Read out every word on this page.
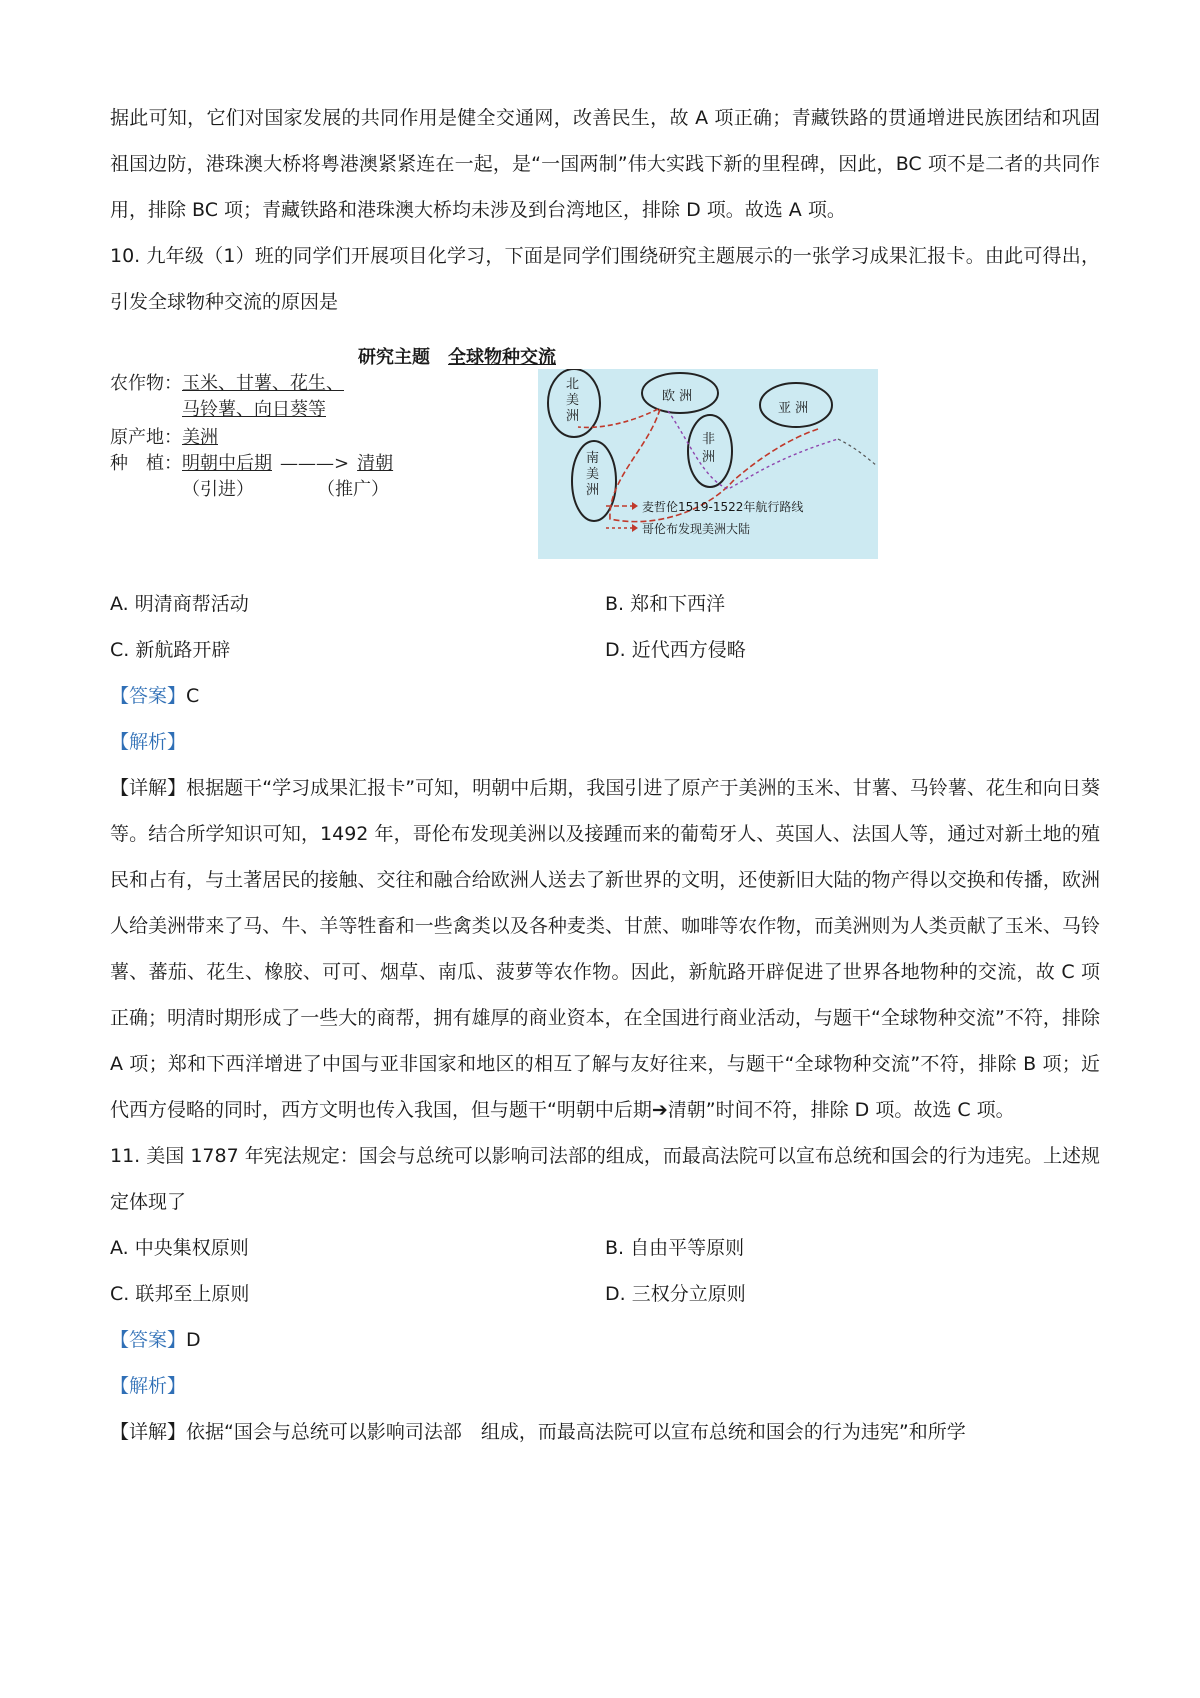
据此可知，它们对国家发展的共同作用是健全交通网，改善民生，故 A 项正确；青藏铁路的贯通增进民族团结和巩固祖国边防，港珠澳大桥将粤港澳紧紧连在一起，是“一国两制”伟大实践下新的里程碑，因此，BC 项不是二者的共同作用，排除 BC 项；青藏铁路和港珠澳大桥均未涉及到台湾地区，排除 D 项。故选 A 项。

10. 九年级（1）班的同学们开展项目化学习，下面是同学们围绕研究主题展示的一张学习成果汇报卡。由此可得出，引发全球物种交流的原因是

研究主题 全球物种交流
农作物：玉米、甘薯、花生、
马铃薯、向日葵等
原产地：美洲
种　植：明朝中后期 ———> 清朝
（引进）	（推广）
北美洲
南美洲
欧 洲
亚 洲
非洲
麦哲伦1519-1522年航行路线
哥伦布发现美洲大陆
A. 明清商帮活动	B. 郑和下西洋
C. 新航路开辟	D. 近代西方侵略

【答案】C

【解析】

【详解】根据题干“学习成果汇报卡”可知，明朝中后期，我国引进了原产于美洲的玉米、甘薯、马铃薯、花生和向日葵等。结合所学知识可知，1492 年，哥伦布发现美洲以及接踵而来的葡萄牙人、英国人、法国人等，通过对新土地的殖民和占有，与土著居民的接触、交往和融合给欧洲人送去了新世界的文明，还使新旧大陆的物产得以交换和传播，欧洲人给美洲带来了马、牛、羊等牲畜和一些禽类以及各种麦类、甘蔗、咖啡等农作物，而美洲则为人类贡献了玉米、马铃薯、蕃茄、花生、橡胶、可可、烟草、南瓜、菠萝等农作物。因此，新航路开辟促进了世界各地物种的交流，故 C 项正确；明清时期形成了一些大的商帮，拥有雄厚的商业资本，在全国进行商业活动，与题干“全球物种交流”不符，排除 A 项；郑和下西洋增进了中国与亚非国家和地区的相互了解与友好往来，与题干“全球物种交流”不符，排除 B 项；近代西方侵略的同时，西方文明也传入我国，但与题干“明朝中后期➔清朝”时间不符，排除 D 项。故选 C 项。

11. 美国 1787 年宪法规定：国会与总统可以影响司法部的组成，而最高法院可以宣布总统和国会的行为违宪。上述规定体现了

A. 中央集权原则	B. 自由平等原则
C. 联邦至上原则	D. 三权分立原则

【答案】D

【解析】

【详解】依据“国会与总统可以影响司法部　组成，而最高法院可以宣布总统和国会的行为违宪”和所学
